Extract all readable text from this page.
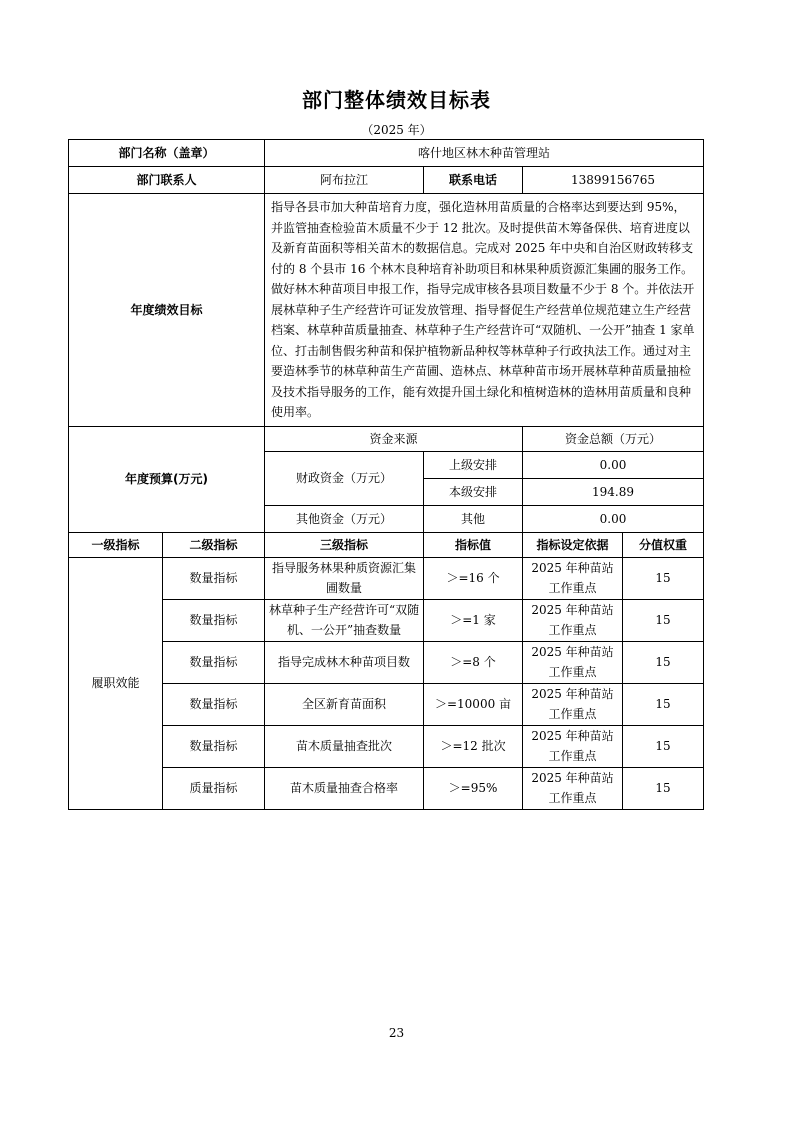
部门整体绩效目标表
（2025 年）
部门名称（盖章）		喀什地区林木种苗管理站			
部门联系人		阿布拉江	联系电话	13899156765	
年度绩效目标		指导各县市加大种苗培育力度，强化造林用苗质量的合格率达到要达到 95%，并监管抽查检验苗木质量不少于 12 批次。及时提供苗木筹备保供、培育进度以及新育苗面积等相关苗木的数据信息。完成对 2025 年中央和自治区财政转移支付的 8 个县市 16 个林木良种培育补助项目和林果种质资源汇集圃的服务工作。做好林木种苗项目申报工作，指导完成审核各县项目数量不少于 8 个。并依法开展林草种子生产经营许可证发放管理、指导督促生产经营单位规范建立生产经营档案、林草种苗质量抽查、林草种子生产经营许可“双随机、一公开”抽查 1 家单位、打击制售假劣种苗和保护植物新品种权等林草种子行政执法工作。通过对主要造林季节的林草种苗生产苗圃、造林点、林草种苗市场开展林草种苗质量抽检及技术指导服务的工作，能有效提升国土绿化和植树造林的造林用苗质量和良种使用率。			
年度预算(万元)		资金来源		资金总额（万元）	
		财政资金（万元）	上级安排	0.00	
			本级安排	194.89	
		其他资金（万元）	其他	0.00	
一级指标	二级指标	三级指标	指标值	指标设定依据	分值权重
履职效能	数量指标	指导服务林果种质资源汇集圃数量	＞=16 个	2025 年种苗站工作重点	15
	数量指标	林草种子生产经营许可“双随机、一公开”抽查数量	＞=1 家	2025 年种苗站工作重点	15
	数量指标	指导完成林木种苗项目数	＞=8 个	2025 年种苗站工作重点	15
	数量指标	全区新育苗面积	＞=10000 亩	2025 年种苗站工作重点	15
	数量指标	苗木质量抽查批次	＞=12 批次	2025 年种苗站工作重点	15
	质量指标	苗木质量抽查合格率	＞=95%	2025 年种苗站工作重点	15
23
